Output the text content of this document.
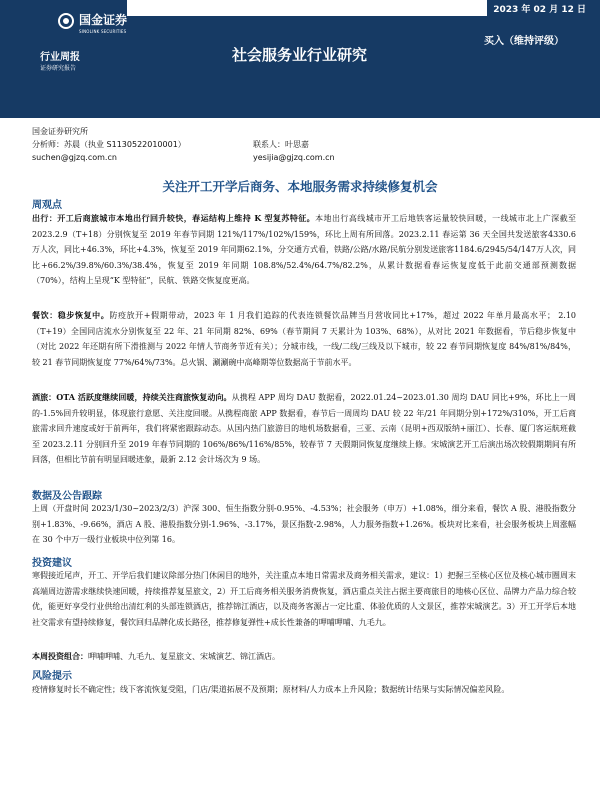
国金证券
SINOLINK SECURITIES
2023 年 02 月 12 日
买入（维持评级）
行业周报
证券研究报告
社会服务业行业研究
国金证券研究所
分析师：苏晨（执业 S1130522010001）
suchen@gjzq.com.cn
联系人：叶思嘉
yesijia@gjzq.com.cn
关注开工开学后商务、本地服务需求持续修复机会
周观点

出行：开工后商旅城市本地出行回升较快，春运结构上维持 K 型复苏特征。本地出行高线城市开工后地铁客运量较快回暖，一线城市北上广深截至 2023.2.9（T+18）分别恢复至 2019 年春节同期 121%/117%/102%/159%，环比上周有所回落。2023.2.11 春运第 36 天全国共发送旅客4330.6 万人次，同比+46.3%，环比+4.3%，恢复至 2019 年同期62.1%，分交通方式看，铁路/公路/水路/民航分别发送旅客1184.6/2945/54/147万人次，同比+66.2%/39.8%/60.3%/38.4%，恢复至 2019 年同期 108.8%/52.4%/64.7%/82.2%，从累计数据看春运恢复度低于此前交通部预测数据（70%），结构上呈现“K 型特征”，民航、铁路交恢复度更高。

餐饮：稳步恢复中。防疫放开+假期带动，2023 年 1 月我们追踪的代表连锁餐饮品牌当月营收同比+17%，超过 2022 年单月最高水平； 2.10（T+19）全国同店流水分别恢复至 22 年、21 年同期 82%、69%（春节期间 7 天累计为 103%、68%），从对比 2021 年数据看，节后稳步恢复中（对比 2022 年还期有所下滑推测与 2022 年情人节商务节近有关）；分城市线，一线/二线/三线及以下城市，较 22 春节同期恢复度 84%/81%/84%，较 21 春节同期恢复度 77%/64%/73%。总火锅、涮涮碗中高峰期等位数据高于节前水平。

酒旅：OTA 活跃度继续回暖，持续关注商旅恢复动向。从携程 APP 周均 DAU 数据看，2022.01.24~2023.01.30 周均 DAU 同比+9%，环比上一周的-1.5%回升较明显，体现旅行意愿、关注度回暖。从携程商旅 APP 数据看，春节后一周周均 DAU 较 22 年/21 年同期分别+172%/310%，开工后商旅需求回升速度或好于前两年，我们将紧密跟踪动态。从国内热门旅游目的地机场数据看，三亚、云南（昆明+西双版纳+丽江）、长春、厦门客运航班截至 2023.2.11 分别回升至 2019 年春节同期的 106%/86%/116%/85%，较春节 7 天假期同恢复度继续上修。宋城演艺开工后演出场次较假期期间有所回落，但相比节前有明显回暖迹象，最新 2.12 会计场次为 9 场。

数据及公告跟踪

上周（开盘时间 2023/1/30~2023/2/3）沪深 300、恒生指数分别-0.95%、-4.53%；社会服务（申万）+1.08%，细分来看，餐饮 A 股、港股指数分别+1.83%、-9.66%，酒店 A 股、港股指数分别-1.96%、-3.17%，景区指数-2.98%，人力服务指数+1.26%。板块对比来看，社会服务板块上周涨幅在 30 个中万一级行业板块中位列第 16。

投资建议

寒假接近尾声，开工、开学后我们建议除部分热门休闲目的地外，关注重点本地日常需求及商务相关需求，建议：1）把握三至核心区位及核心城市圈周末高端周边游需求继续快速回暖，持续推荐复星旅文，2）开工后商务相关服务消费恢复，酒店重点关注占据主要商旅目的地核心区位、品牌力产品力综合较优，能更好享受行业供给出清红利的头部连锁酒店，推荐锦江酒店，以及商务客源占一定比重、体验优质的人文景区，推荐宋城演艺。3）开工开学后本地社交需求有望持续修复，餐饮回归品牌化成长路径，推荐修复弹性+成长性兼备的呷哺呷哺、九毛九。

本周投资组合：呷哺呷哺、九毛九、复星旅文、宋城演艺、锦江酒店。

风险提示

疫情修复时长不确定性；线下客流恢复受阻，门店/渠道拓展不及预期；原材料/人力成本上升风险；数据统计结果与实际情况偏差风险。
